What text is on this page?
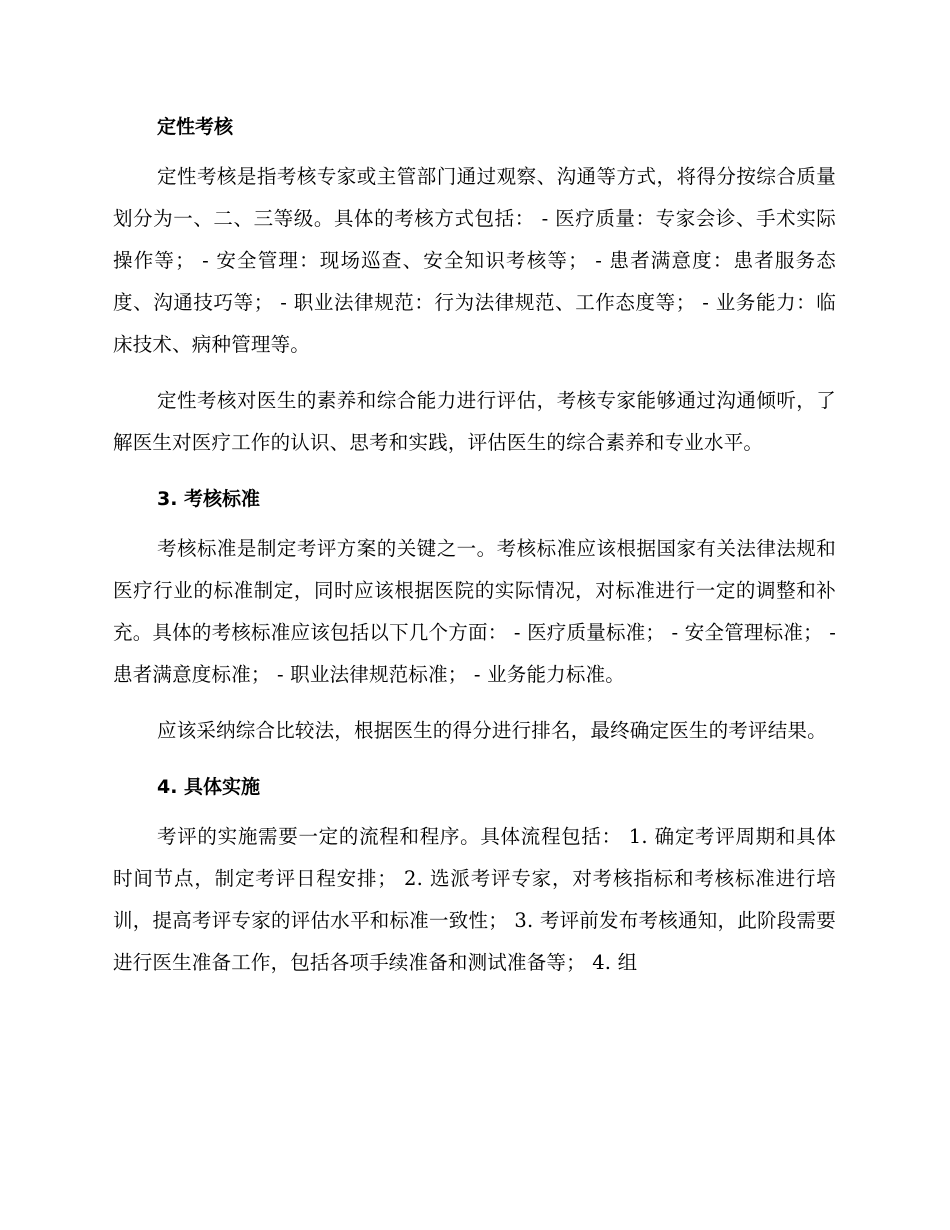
定性考核

定性考核是指考核专家或主管部门通过观察、沟通等方式，将得分按综合质量划分为一、二、三等级。具体的考核方式包括： - 医疗质量：专家会诊、手术实际操作等； - 安全管理：现场巡查、安全知识考核等； - 患者满意度：患者服务态度、沟通技巧等； - 职业法律规范：行为法律规范、工作态度等； - 业务能力：临床技术、病种管理等。

定性考核对医生的素养和综合能力进行评估，考核专家能够通过沟通倾听，了解医生对医疗工作的认识、思考和实践，评估医生的综合素养和专业水平。

3. 考核标准

考核标准是制定考评方案的关键之一。考核标准应该根据国家有关法律法规和医疗行业的标准制定，同时应该根据医院的实际情况，对标准进行一定的调整和补充。具体的考核标准应该包括以下几个方面： - 医疗质量标准； - 安全管理标准； - 患者满意度标准； - 职业法律规范标准； - 业务能力标准。

应该采纳综合比较法，根据医生的得分进行排名，最终确定医生的考评结果。

4. 具体实施

考评的实施需要一定的流程和程序。具体流程包括： 1. 确定考评周期和具体时间节点，制定考评日程安排； 2. 选派考评专家，对考核指标和考核标准进行培训，提高考评专家的评估水平和标准一致性； 3. 考评前发布考核通知，此阶段需要进行医生准备工作，包括各项手续准备和测试准备等； 4. 组
